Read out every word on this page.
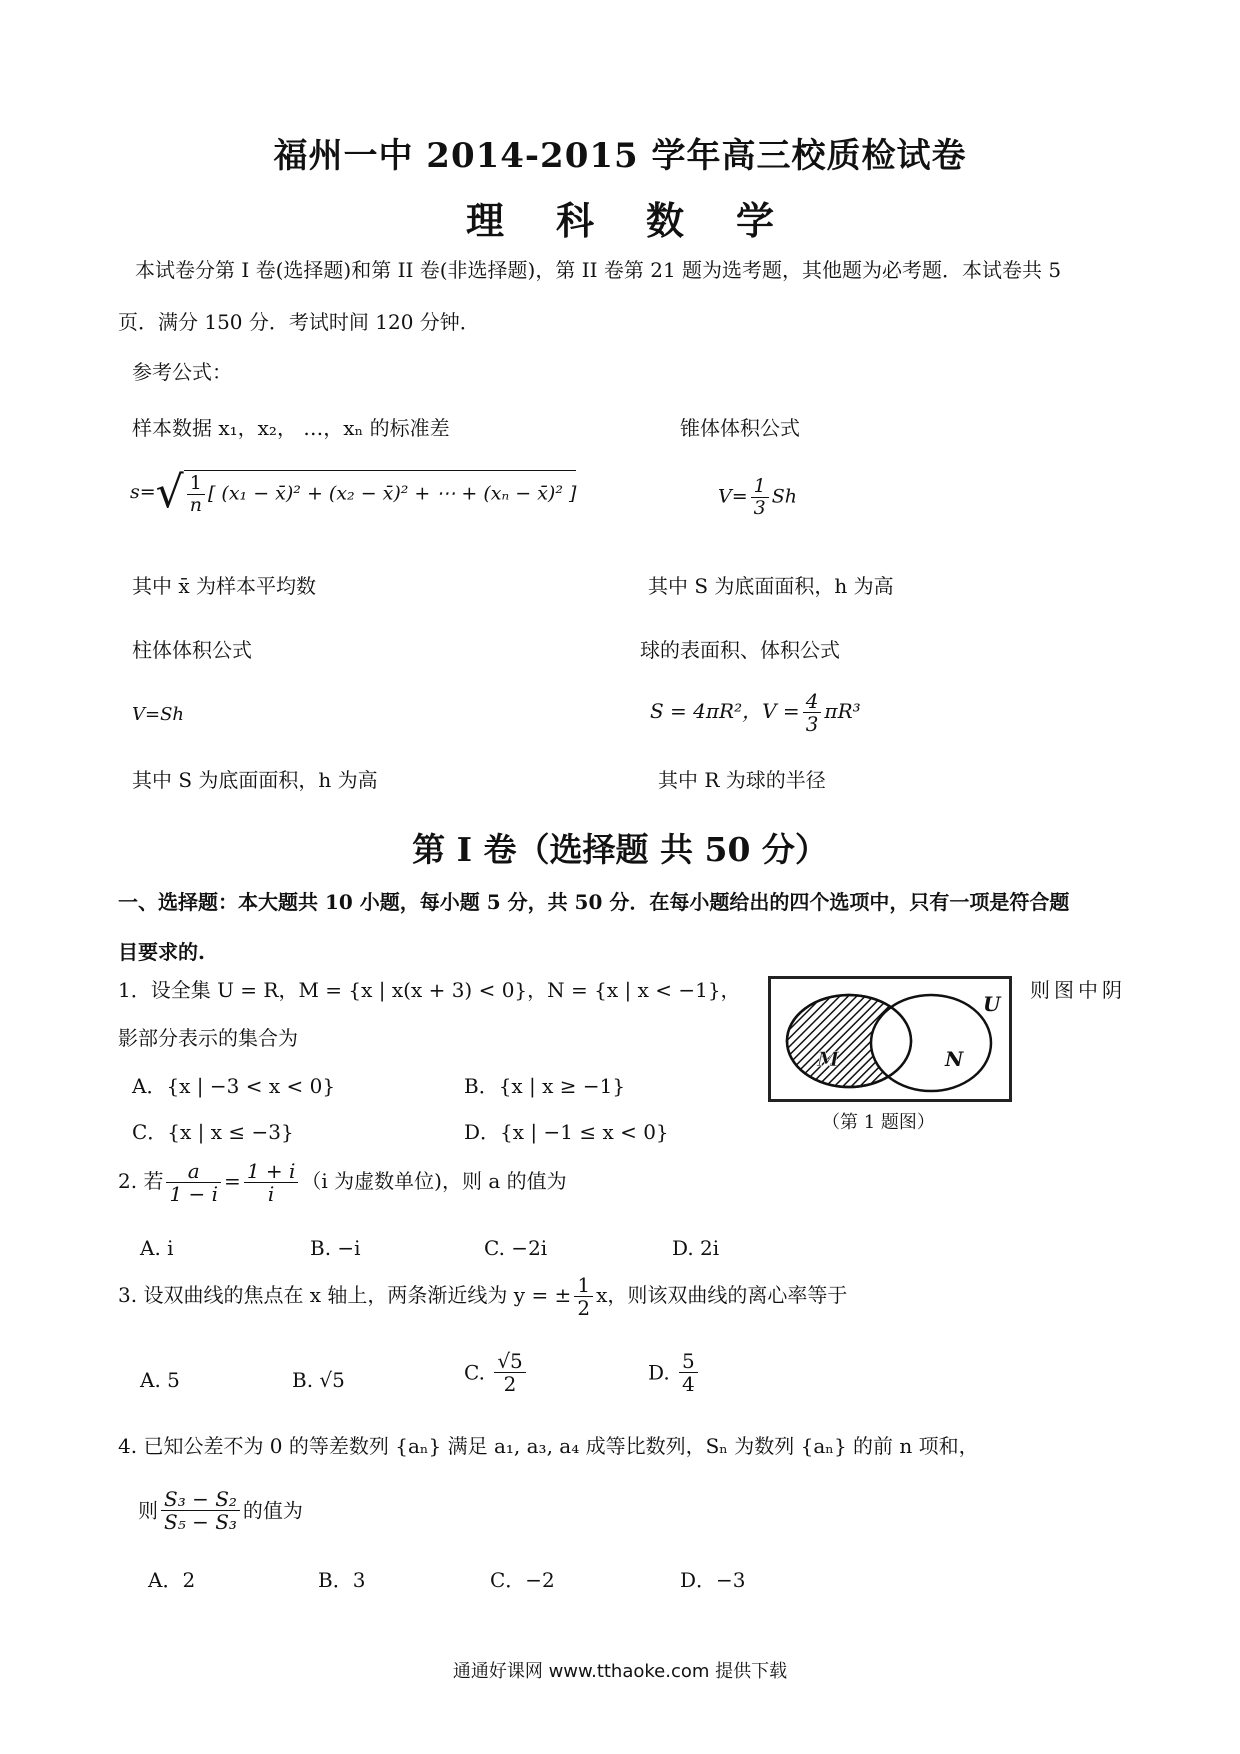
福州一中 2014-2015 学年高三校质检试卷
理 科 数 学
本试卷分第 I 卷(选择题)和第 II 卷(非选择题)，第 II 卷第 21 题为选考题，其他题为必考题．本试卷共 5
页．满分 150 分．考试时间 120 分钟．
参考公式：
样本数据 x₁，x₂， …，xₙ 的标准差
$s=√ \frac{1}{n}$ [ (x₁ − x̄)² + (x₂ − x̄)² + ⋯ + (xₙ − x̄)² ]
其中 x̄ 为样本平均数
柱体体积公式
V=Sh
其中 S 为底面面积，h 为高
锥体体积公式
$V= \frac{1}{3}$ Sh
其中 S 为底面面积，h 为高
球的表面积、体积公式
S = 4πR²，$V = \frac{4}{3} \pi R^3$
其中 R 为球的半径
第 I 卷（选择题 共 50 分）
一、选择题：本大题共 10 小题，每小题 5 分，共 50 分．在每小题给出的四个选项中，只有一项是符合题
目要求的.
1．设全集 U = R，M = {x | x(x + 3) < 0}，N = {x | x < −1}，	则图中阴
影部分表示的集合为
A．{x | −3 < x < 0}	B．{x | x ≥ −1}
C．{x | x ≤ −3}	D．{x | −1 ≤ x < 0}
M	N
U
（第 1 题图）
2. 若 $\frac{a}{1 - i} = \frac{1 + i}{i} (i$ 为虚数单位)，则 a 的值为
A. i	B. −i	C. −2i	D. 2i
3. 设双曲线的焦点在 x 轴上，两条渐近线为 y = ± $\frac{1}{2}$ x，则该双曲线的离心率等于
A. 5	B. √5	C. $\frac{√5}{2}$	D. $\frac{5}{4}$
4. 已知公差不为 0 的等差数列 {aₙ} 满足 a₁, a₃, a₄ 成等比数列，Sₙ 为数列 {aₙ} 的前 n 项和，
则 $\frac{\text{S₃ − S₂}}{\text{S₅ − S₃}}$ 的值为
A．2	B．3	C．−2	D．−3
通通好课网 www.tthaoke.com 提供下载
